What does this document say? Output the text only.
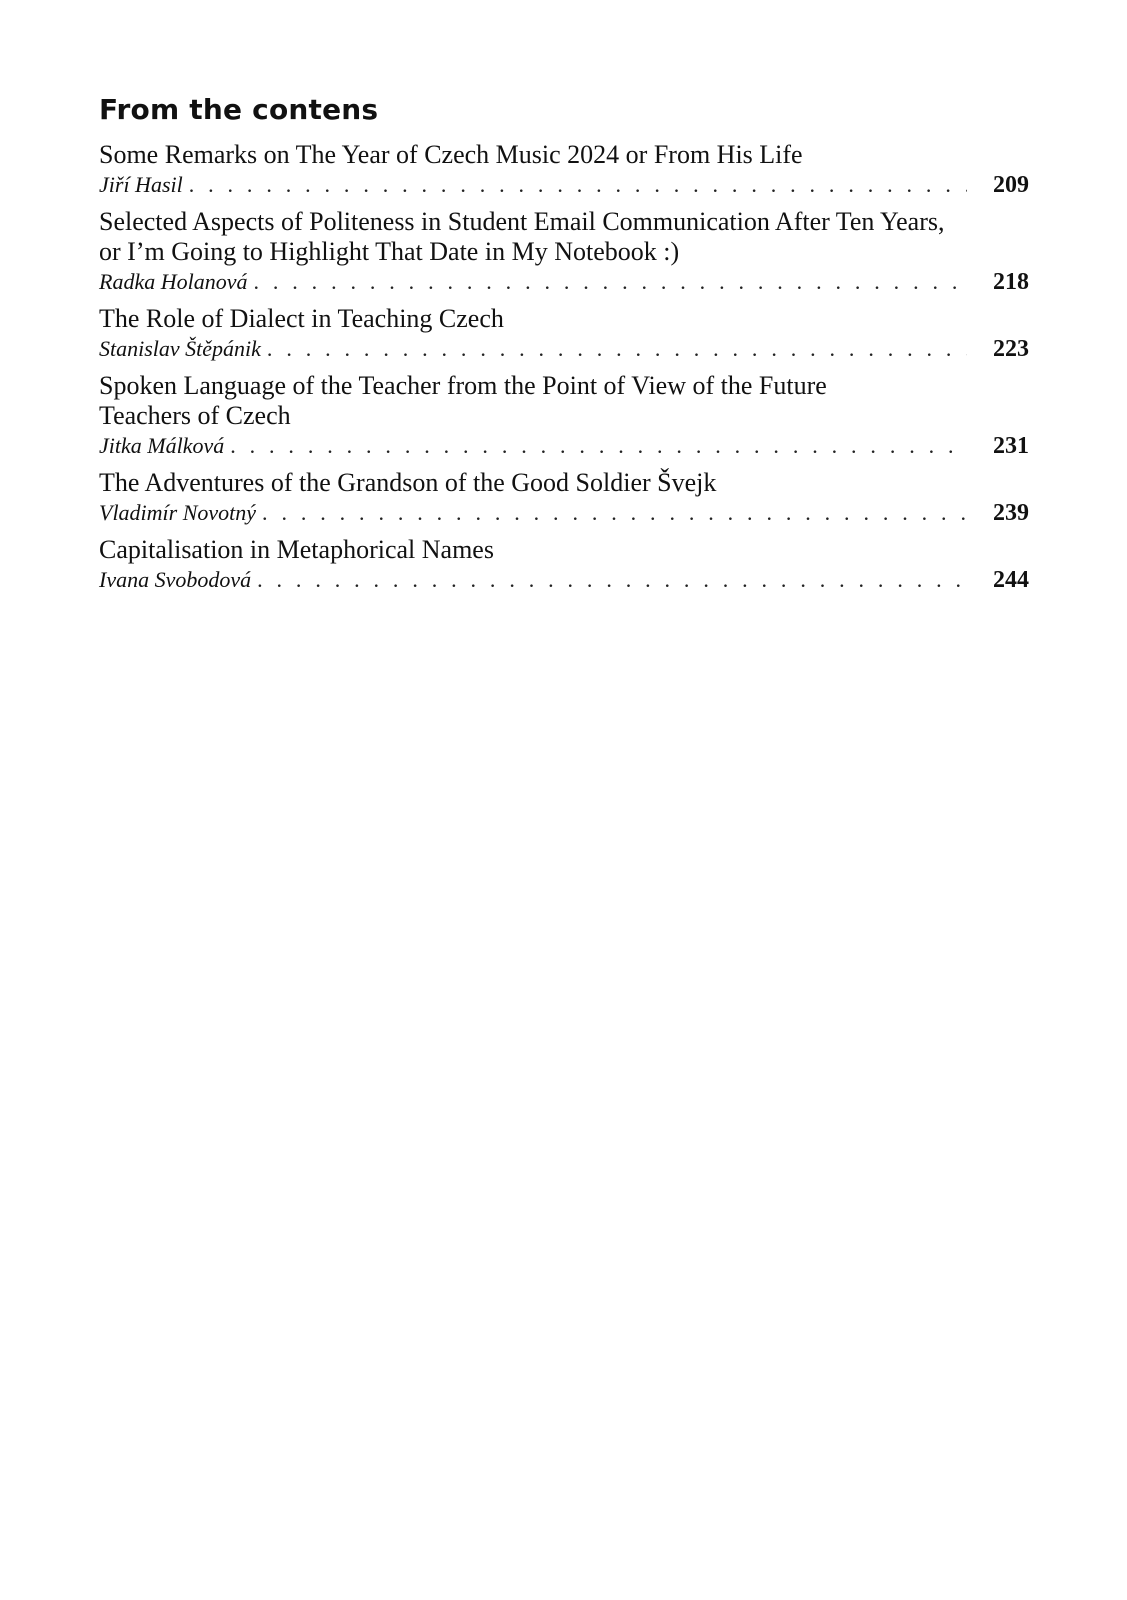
From the contens
Some Remarks on The Year of Czech Music 2024 or From His Life
Jiří Hasil . . .	209
Selected Aspects of Politeness in Student Email Communication After Ten Years,
or I’m Going to Highlight That Date in My Notebook :)
Radka Holanová . . .	218
The Role of Dialect in Teaching Czech
Stanislav Štěpánik . . .	223
Spoken Language of the Teacher from the Point of View of the Future
Teachers of Czech
Jitka Málková . . .	231
The Adventures of the Grandson of the Good Soldier Švejk
Vladimír Novotný . . .	239
Capitalisation in Metaphorical Names
Ivana Svobodová . . .	244
